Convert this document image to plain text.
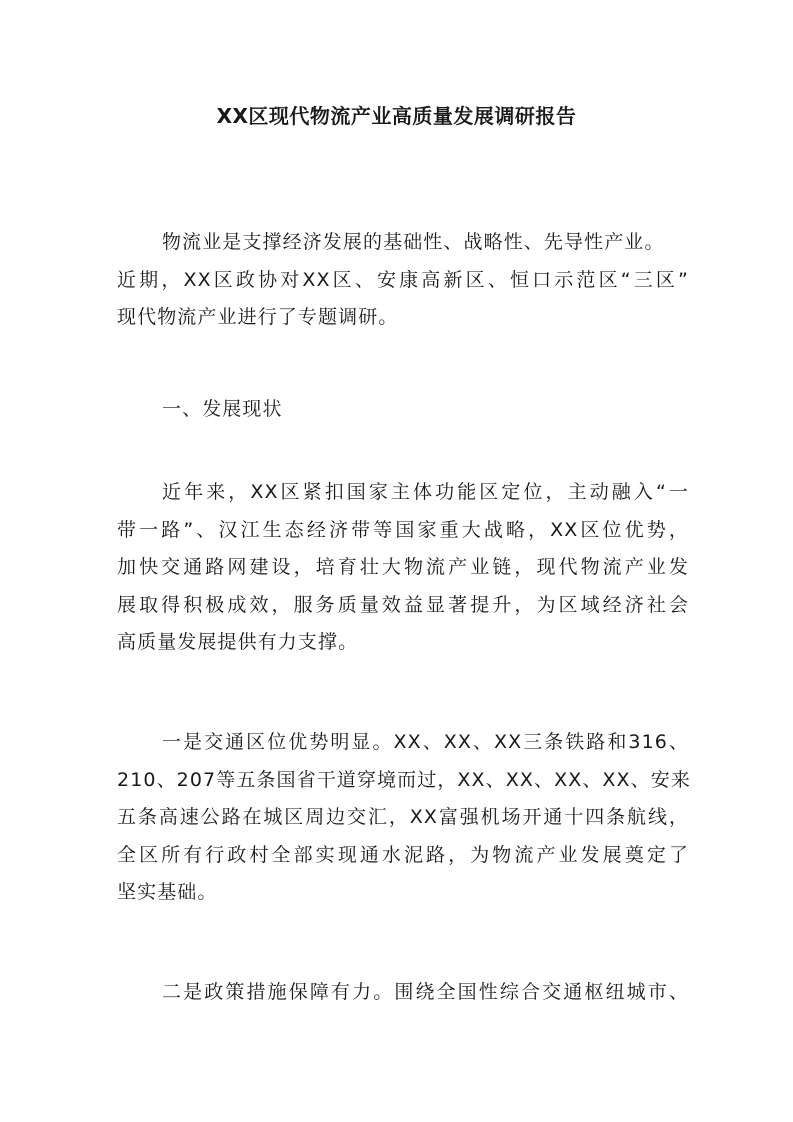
XX区现代物流产业高质量发展调研报告
物流业是支撑经济发展的基础性、战略性、先导性产业。
近期，XX区政协对XX区、安康高新区、恒口示范区“三区”
现代物流产业进行了专题调研。
一、发展现状
近年来，XX区紧扣国家主体功能区定位，主动融入“一
带一路”、汉江生态经济带等国家重大战略，XX区位优势，
加快交通路网建设，培育壮大物流产业链，现代物流产业发
展取得积极成效，服务质量效益显著提升，为区域经济社会
高质量发展提供有力支撑。
一是交通区位优势明显。XX、XX、XX三条铁路和316、
210、207等五条国省干道穿境而过，XX、XX、XX、XX、安来
五条高速公路在城区周边交汇，XX富强机场开通十四条航线，
全区所有行政村全部实现通水泥路，为物流产业发展奠定了
坚实基础。
二是政策措施保障有力。围绕全国性综合交通枢纽城市、
